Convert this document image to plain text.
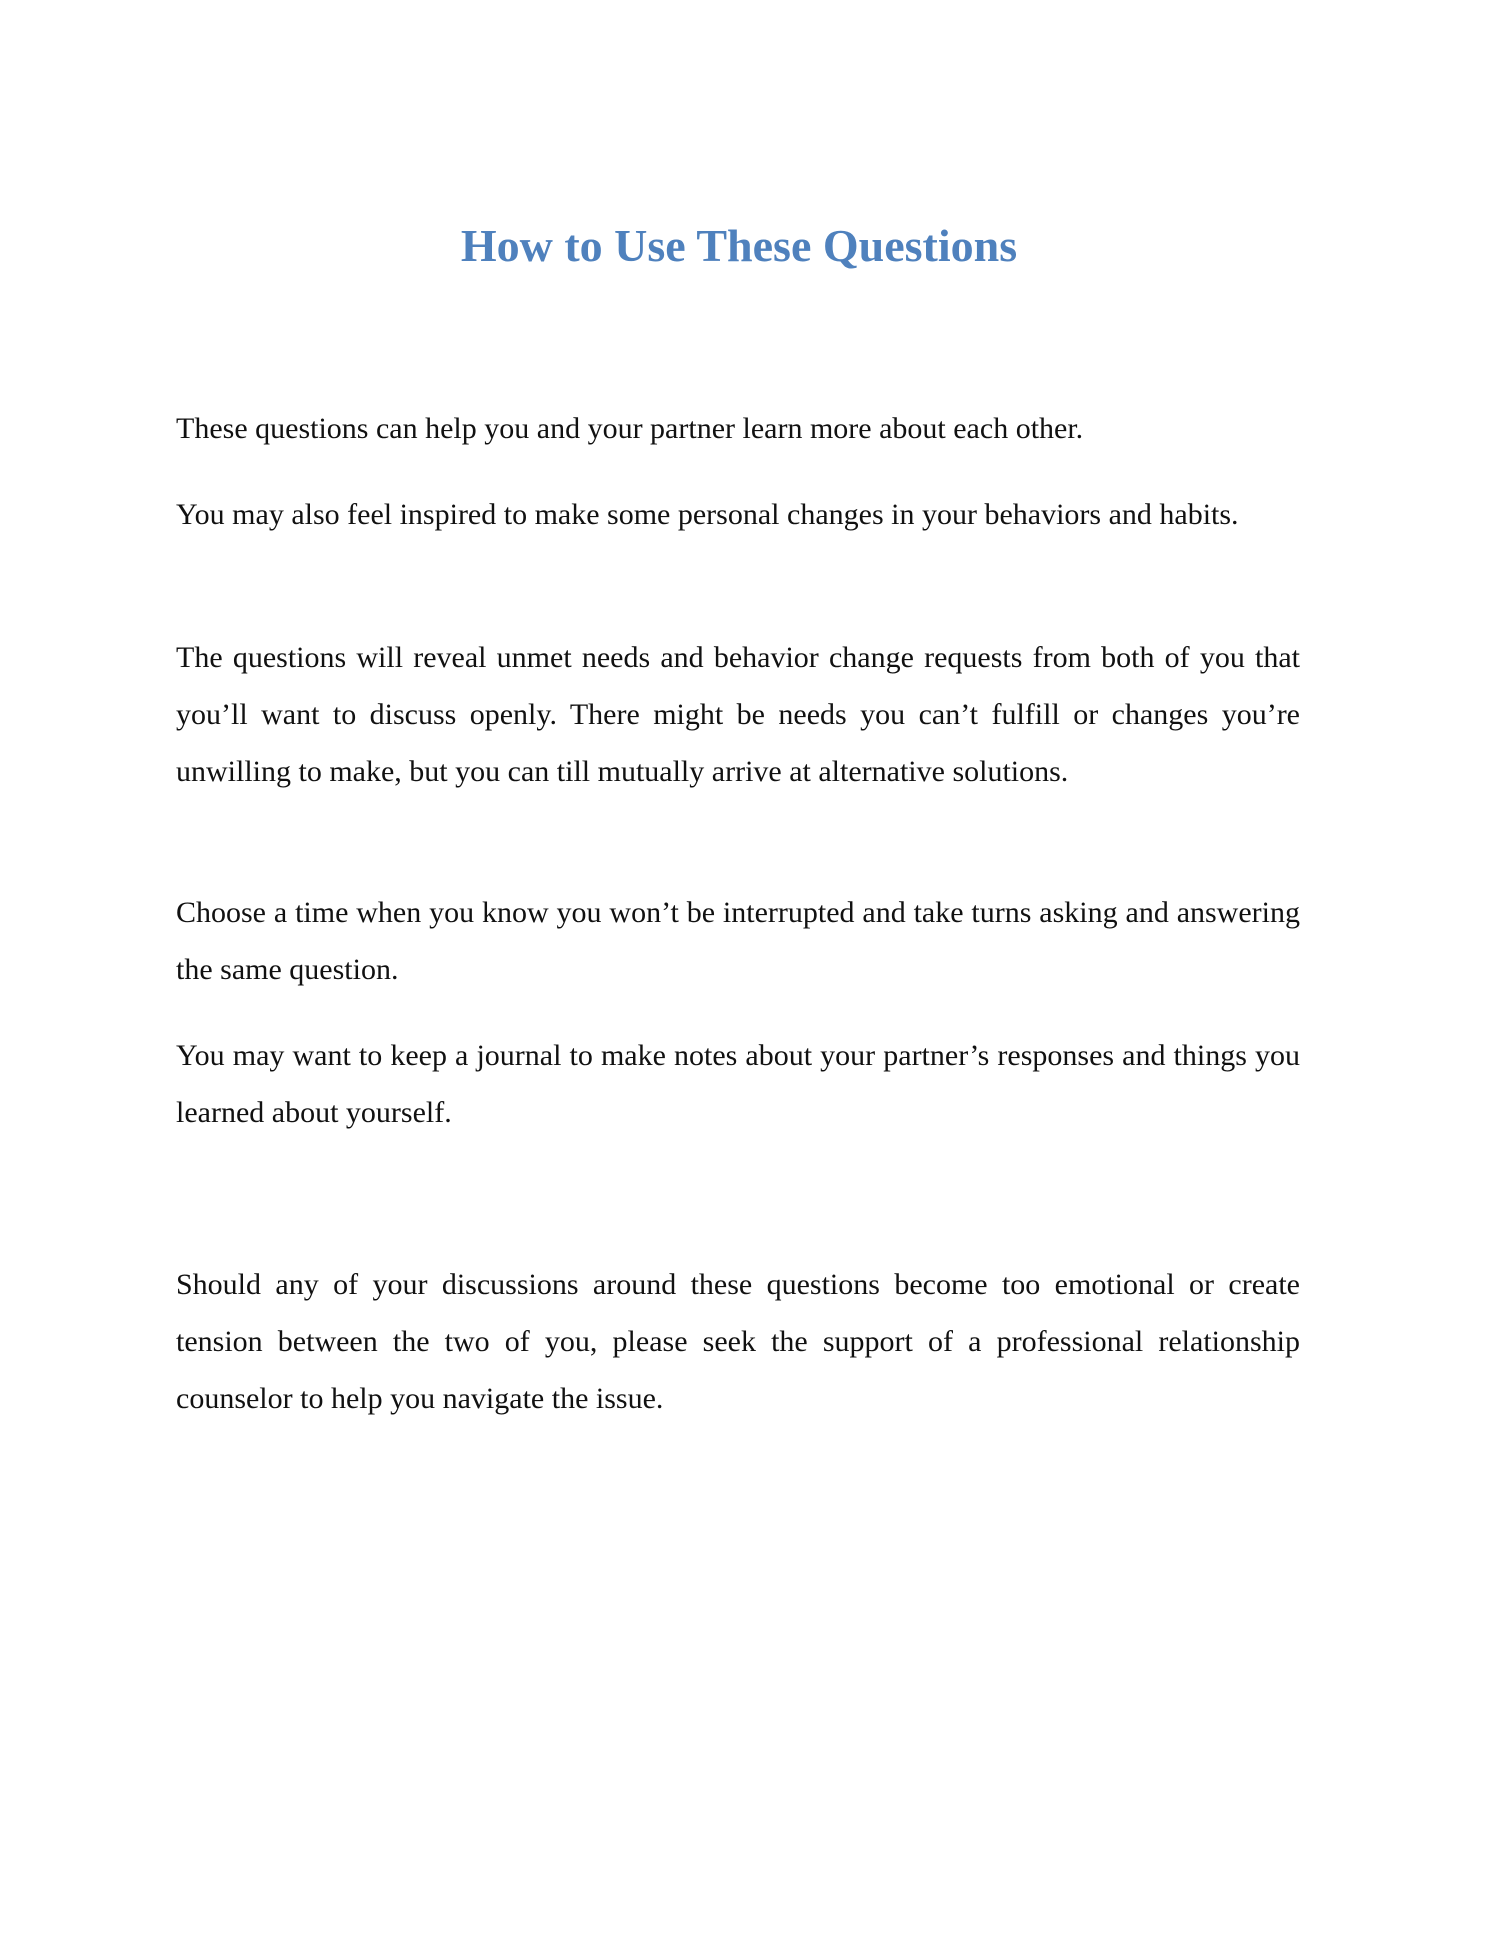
How to Use These Questions

These questions can help you and your partner learn more about each other.

You may also feel inspired to make some personal changes in your behaviors and habits.

The questions will reveal unmet needs and behavior change requests from both of you that you’ll want to discuss openly. There might be needs you can’t fulfill or changes you’re unwilling to make, but you can till mutually arrive at alternative solutions.

Choose a time when you know you won’t be interrupted and take turns asking and answering the same question.

You may want to keep a journal to make notes about your partner’s responses and things you learned about yourself.

Should any of your discussions around these questions become too emotional or create tension between the two of you, please seek the support of a professional relationship counselor to help you navigate the issue.
